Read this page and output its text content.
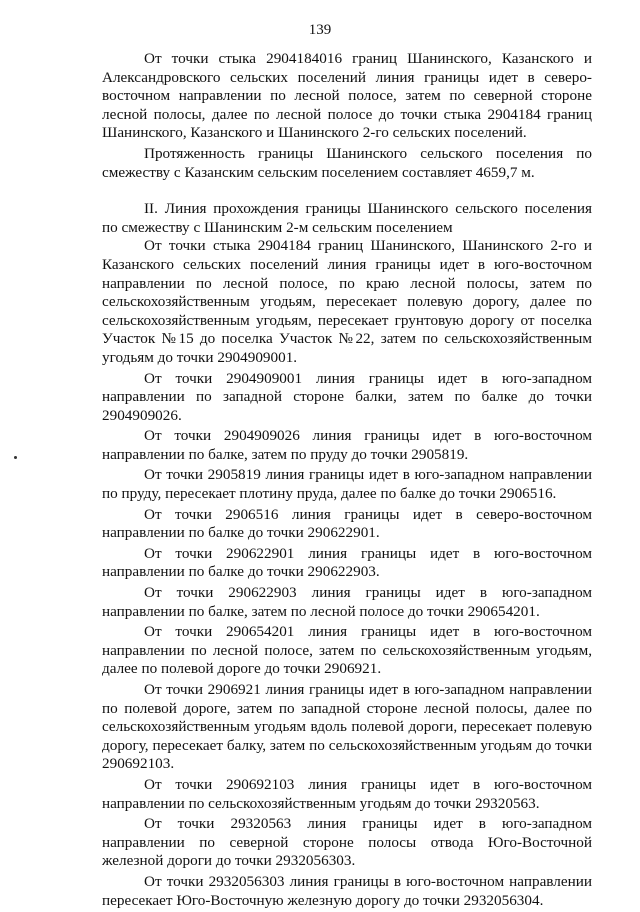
139

От точки стыка 2904184016 границ Шанинского, Казанского и Александровского сельских поселений линия границы идет в северо-восточном направлении по лесной полосе, затем по северной стороне лесной полосы, далее по лесной полосе до точки стыка 2904184 границ Шанинского, Казанского и Шанинского 2-го сельских поселений.

Протяженность границы Шанинского сельского поселения по смежеству с Казанским сельским поселением составляет 4659,7 м.

II. Линия прохождения границы Шанинского сельского поселения по смежеству с Шанинским 2-м сельским поселением

От точки стыка 2904184 границ Шанинского, Шанинского 2-го и Казанского сельских поселений линия границы идет в юго-восточном направлении по лесной полосе, по краю лесной полосы, затем по сельскохозяйственным угодьям, пересекает полевую дорогу, далее по сельскохозяйственным угодьям, пересекает грунтовую дорогу от поселка Участок №15 до поселка Участок №22, затем по сельскохозяйственным угодьям до точки 2904909001.

От точки 2904909001 линия границы идет в юго-западном направлении по западной стороне балки, затем по балке до точки 2904909026.

От точки 2904909026 линия границы идет в юго-восточном направлении по балке, затем по пруду до точки 2905819.

От точки 2905819 линия границы идет в юго-западном направлении по пруду, пересекает плотину пруда, далее по балке до точки 2906516.

От точки 2906516 линия границы идет в северо-восточном направлении по балке до точки 290622901.

От точки 290622901 линия границы идет в юго-восточном направлении по балке до точки 290622903.

От точки 290622903 линия границы идет в юго-западном направлении по балке, затем по лесной полосе до точки 290654201.

От точки 290654201 линия границы идет в юго-восточном направлении по лесной полосе, затем по сельскохозяйственным угодьям, далее по полевой дороге до точки 2906921.

От точки 2906921 линия границы идет в юго-западном направлении по полевой дороге, затем по западной стороне лесной полосы, далее по сельскохозяйственным угодьям вдоль полевой дороги, пересекает полевую дорогу, пересекает балку, затем по сельскохозяйственным угодьям до точки 290692103.

От точки 290692103 линия границы идет в юго-восточном направлении по сельскохозяйственным угодьям до точки 29320563.

От точки 29320563 линия границы идет в юго-западном направлении по северной стороне полосы отвода Юго-Восточной железной дороги до точки 2932056303.

От точки 2932056303 линия границы в юго-восточном направлении пересекает Юго-Восточную железную дорогу до точки 2932056304.
